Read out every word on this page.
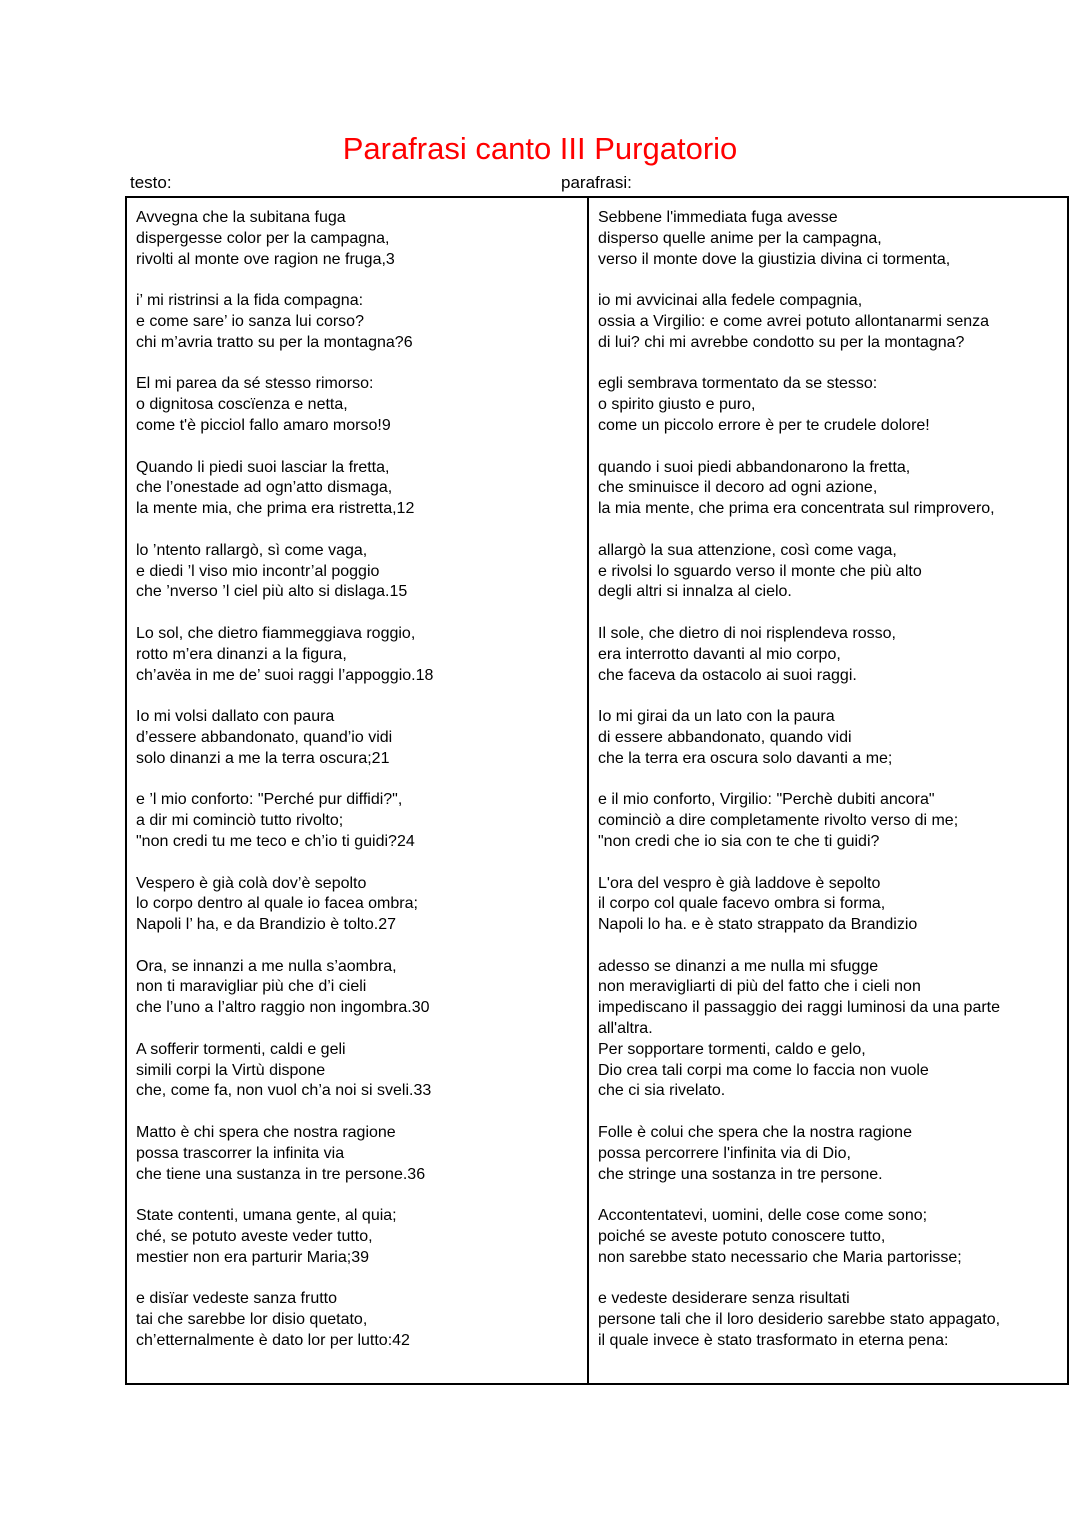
Parafrasi canto III Purgatorio
testo:	parafrasi:
Avvegna che la subitana fuga
dispergesse color per la campagna,
rivolti al monte ove ragion ne fruga,3
i’ mi ristrinsi a la fida compagna:
e come sare’ io sanza lui corso?
chi m’avria tratto su per la montagna?6
El mi parea da sé stesso rimorso:
o dignitosa coscïenza e netta,
come t'è picciol fallo amaro morso!9
Quando li piedi suoi lasciar la fretta,
che l’onestade ad ogn’atto dismaga,
la mente mia, che prima era ristretta,12
lo ’ntento rallargò, sì come vaga,
e diedi ’l viso mio incontr’al poggio
che ’nverso ’l ciel più alto si dislaga.15
Lo sol, che dietro fiammeggiava roggio,
rotto m’era dinanzi a la figura,
ch’avëa in me de’ suoi raggi l’appoggio.18
Io mi volsi dallato con paura
d’essere abbandonato, quand’io vidi
solo dinanzi a me la terra oscura;21
e ’l mio conforto: "Perché pur diffidi?",
a dir mi cominciò tutto rivolto;
"non credi tu me teco e ch’io ti guidi?24
Vespero è già colà dov’è sepolto
lo corpo dentro al quale io facea ombra;
Napoli l’ ha, e da Brandizio è tolto.27
Ora, se innanzi a me nulla s’aombra,
non ti maravigliar più che d’i cieli
che l’uno a l’altro raggio non ingombra.30
A sofferir tormenti, caldi e geli
simili corpi la Virtù dispone
che, come fa, non vuol ch’a noi si sveli.33
Matto è chi spera che nostra ragione
possa trascorrer la infinita via
che tiene una sustanza in tre persone.36
State contenti, umana gente, al quia;
ché, se potuto aveste veder tutto,
mestier non era parturir Maria;39
e disïar vedeste sanza frutto
tai che sarebbe lor disio quetato,
ch’etternalmente è dato lor per lutto:42
Sebbene l'immediata fuga avesse
disperso quelle anime per la campagna,
verso il monte dove la giustizia divina ci tormenta,
io mi avvicinai alla fedele compagnia,
ossia a Virgilio: e come avrei potuto allontanarmi senza
di lui? chi mi avrebbe condotto su per la montagna?
egli sembrava tormentato da se stesso:
o spirito giusto e puro,
come un piccolo errore è per te crudele dolore!
quando i suoi piedi abbandonarono la fretta,
che sminuisce il decoro ad ogni azione,
la mia mente, che prima era concentrata sul rimprovero,
allargò la sua attenzione, così come vaga,
e rivolsi lo sguardo verso il monte che più alto
degli altri si innalza al cielo.
Il sole, che dietro di noi risplendeva rosso,
era interrotto davanti al mio corpo,
che faceva da ostacolo ai suoi raggi.
Io mi girai da un lato con la paura
di essere abbandonato, quando vidi
che la terra era oscura solo davanti a me;
e il mio conforto, Virgilio: "Perchè dubiti ancora"
cominciò a dire completamente rivolto verso di me;
"non credi che io sia con te che ti guidi?
L'ora del vespro è già laddove è sepolto
il corpo col quale facevo ombra si forma,
Napoli lo ha. e è stato strappato da Brandizio
adesso se dinanzi a me nulla mi sfugge
non meravigliarti di più del fatto che i cieli non
impediscano il passaggio dei raggi luminosi da una parte
all'altra.
Per sopportare tormenti, caldo e gelo,
Dio crea tali corpi ma come lo faccia non vuole
che ci sia rivelato.
Folle è colui che spera che la nostra ragione
possa percorrere l'infinita via di Dio,
che stringe una sostanza in tre persone.
Accontentatevi, uomini, delle cose come sono;
poiché se aveste potuto conoscere tutto,
non sarebbe stato necessario che Maria partorisse;
e vedeste desiderare senza risultati
persone tali che il loro desiderio sarebbe stato appagato,
il quale invece è stato trasformato in eterna pena:
